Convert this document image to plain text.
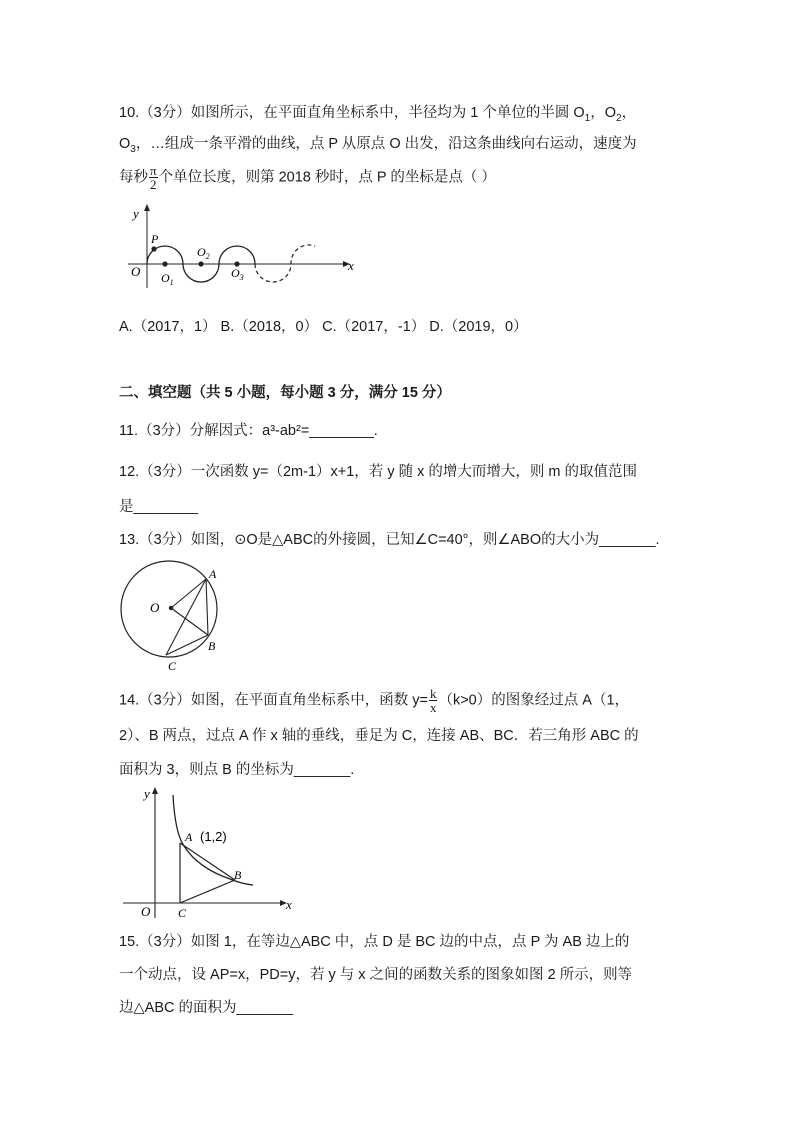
10.（3分）如图所示，在平面直角坐标系中，半径均为 1 个单位的半圆 $O_1$，$O_2$，
$O_3$，…组成一条平滑的曲线，点 P 从原点 O 出发，沿这条曲线向右运动，速度为
每秒 $\frac{\pi}{2}$ 个单位长度，则第 2018 秒时，点 P 的坐标是点（ ）
y
x
O
P
$O_1$
$O_2$
$O_3$
A.（2017，1） B.（2018，0） C.（2017，-1） D.（2019，0）
二、填空题（共 5 小题，每小题 3 分，满分 15 分）
11.（3分）分解因式：a³-ab²=________.
12.（3分）一次函数 y=（2m-1）x+1，若 y 随 x 的增大而增大，则 m 的取值范围
是________
13.（3分）如图，⊙O是△ABC的外接圆，已知∠C=40°，则∠ABO的大小为_______.
O
A
B
C
14.（3分）如图，在平面直角坐标系中，函数 $y= \frac{k}{x} (k>0)$的图象经过点 A（1，
2）、B 两点，过点 A 作 x 轴的垂线，垂足为 C，连接 AB、BC．若三角形 ABC 的
面积为 3，则点 B 的坐标为_______.
y
x
O
A (1,2)
B
C
15.（3分）如图 1，在等边△ABC 中，点 D 是 BC 边的中点，点 P 为 AB 边上的
一个动点，设 AP=x，PD=y，若 y 与 x 之间的函数关系的图象如图 2 所示，则等
边△ABC 的面积为_______
